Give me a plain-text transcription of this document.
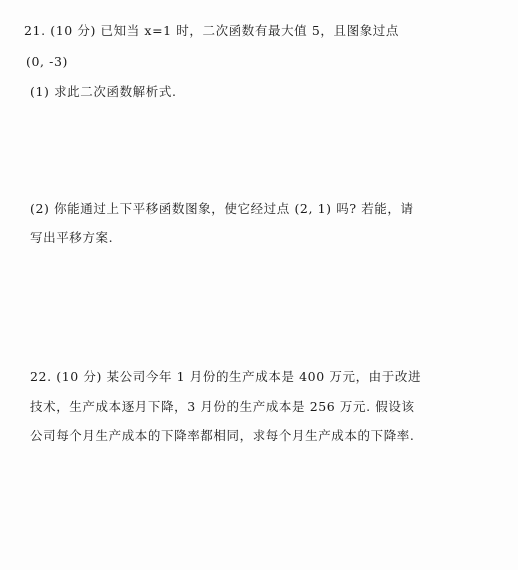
21. (10 分) 已知当 x=1 时，二次函数有最大值 5，且图象过点
(0, -3)
(1) 求此二次函数解析式.
(2) 你能通过上下平移函数图象，使它经过点 (2, 1) 吗? 若能，请
写出平移方案.
22. (10 分) 某公司今年 1 月份的生产成本是 400 万元，由于改进
技术，生产成本逐月下降，3 月份的生产成本是 256 万元. 假设该
公司每个月生产成本的下降率都相同，求每个月生产成本的下降率.
